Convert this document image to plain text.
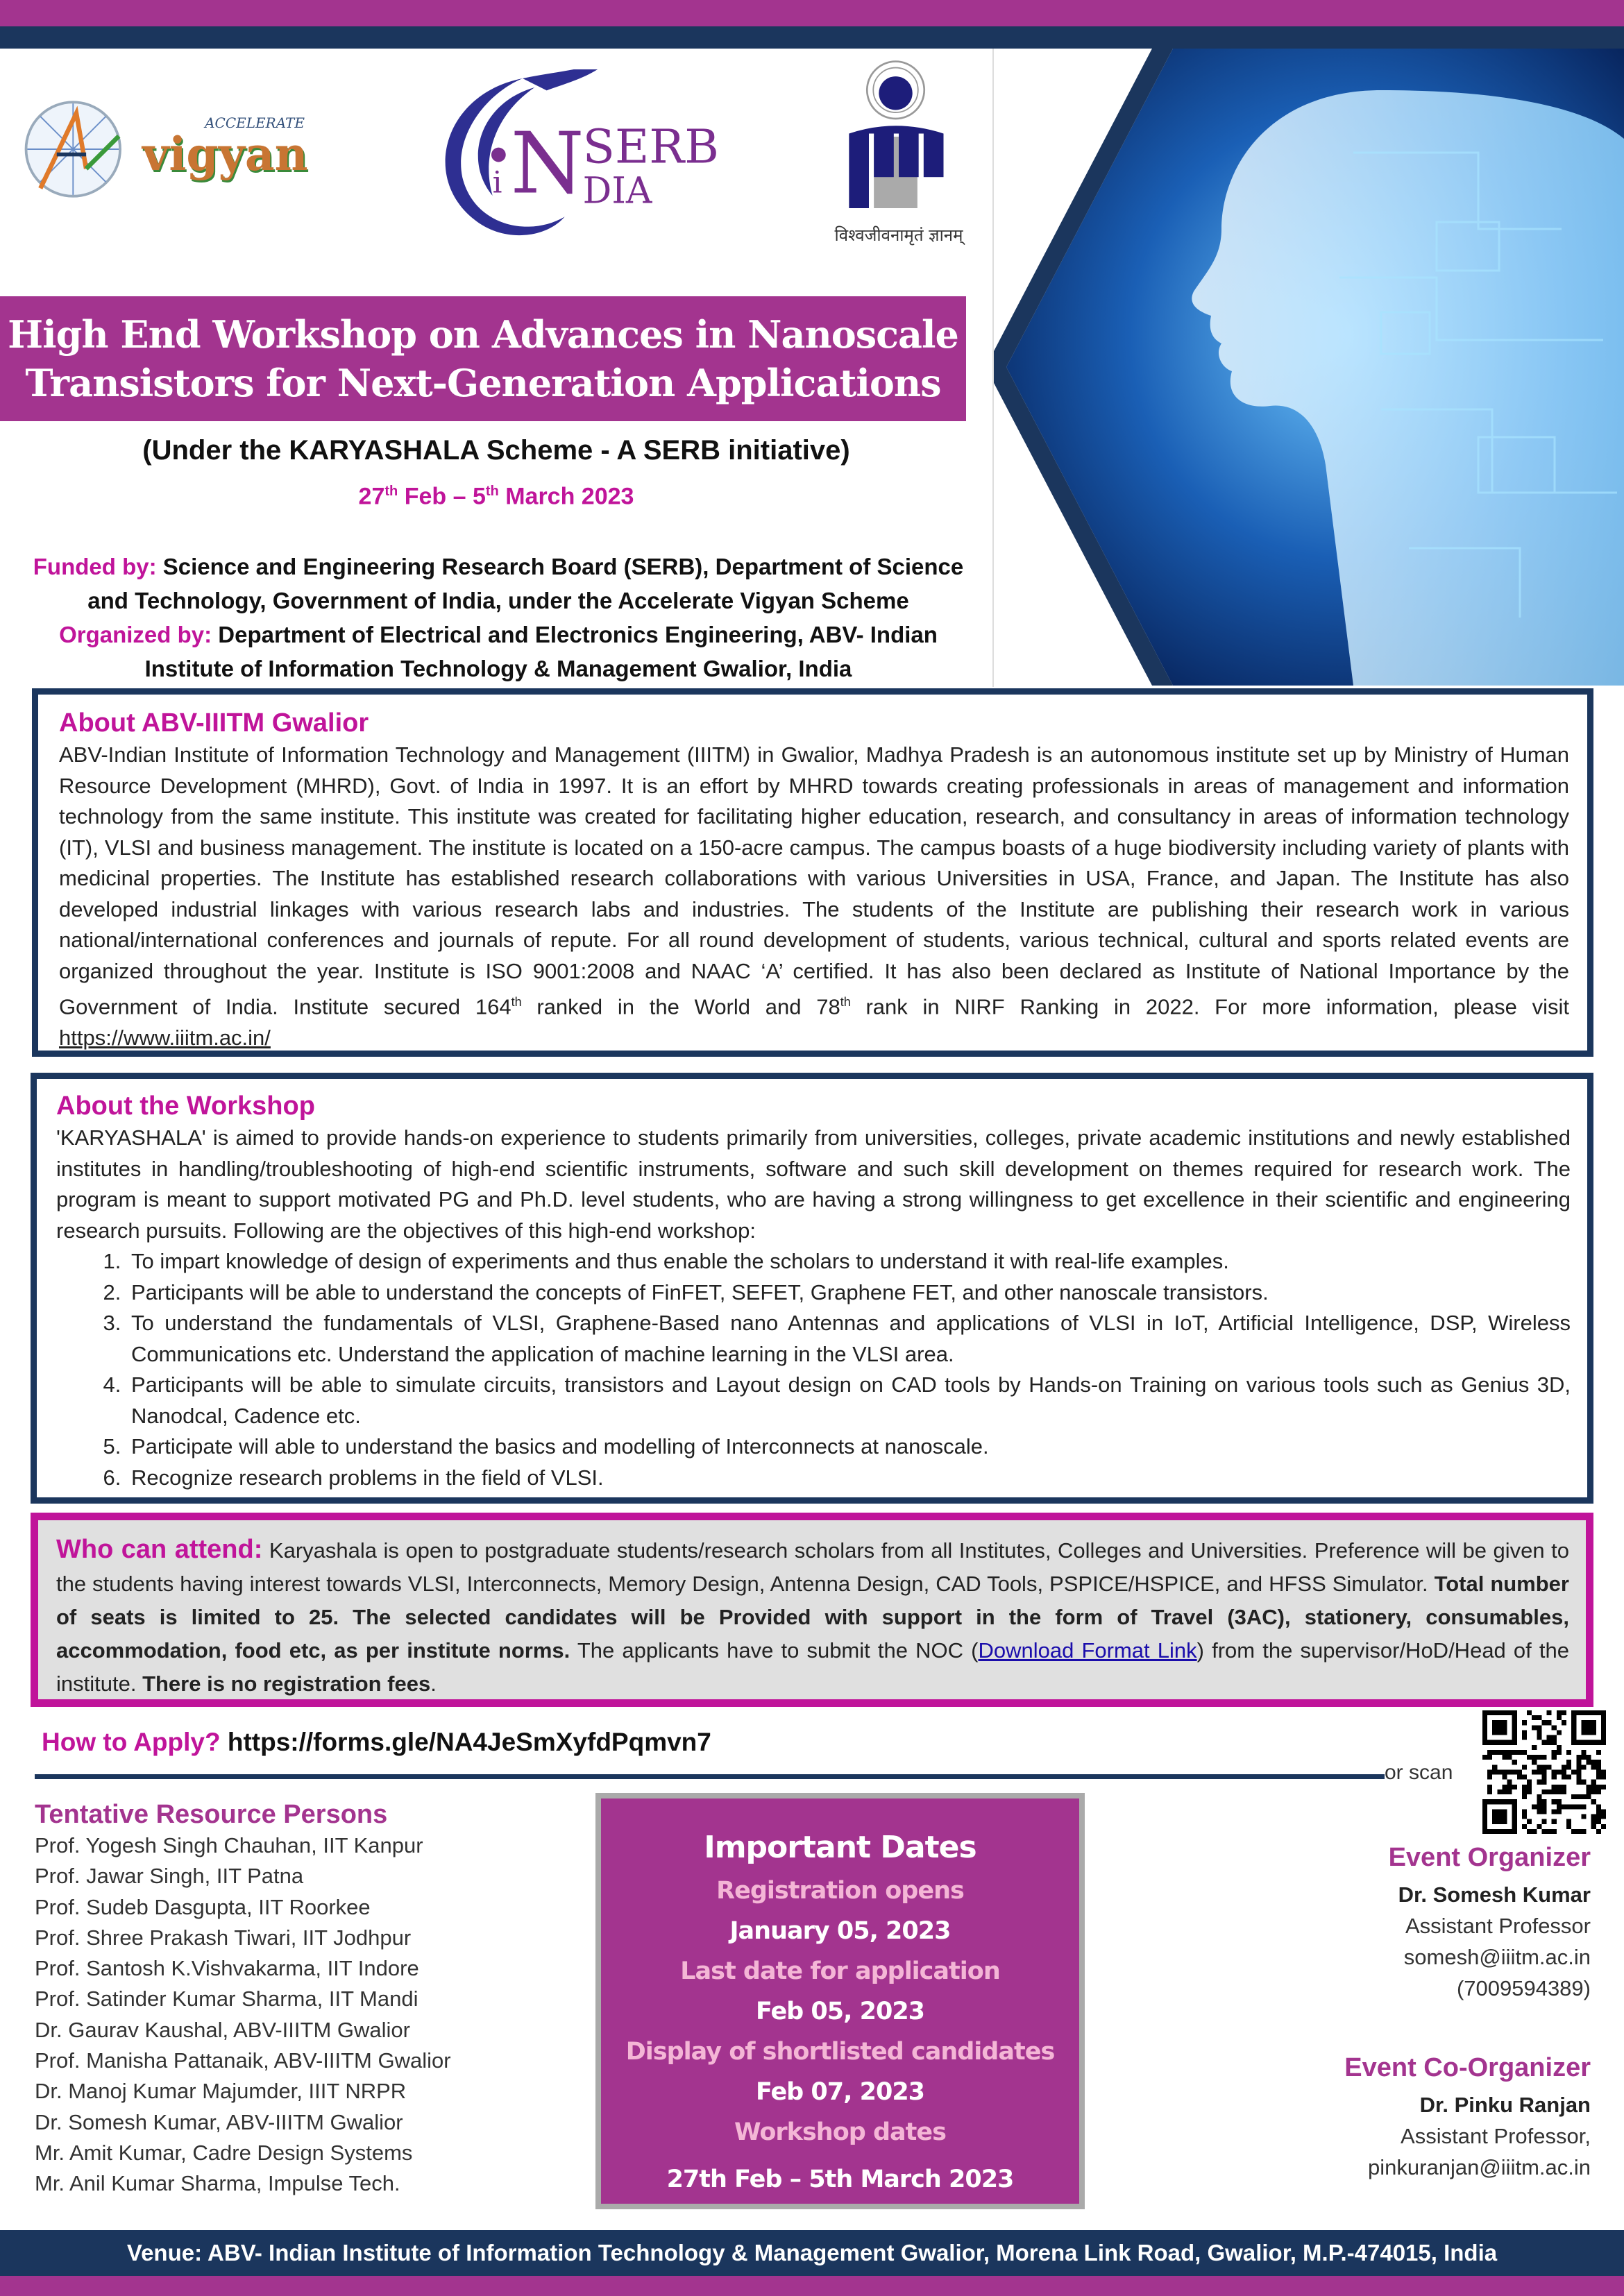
ACCELERATE
vigyan
i N
SERB
DIA
विश्वजीवनामृतं ज्ञानम्
High End Workshop on Advances in Nanoscale
Transistors for Next-Generation Applications
(Under the KARYASHALA Scheme - A SERB initiative)
27th Feb – 5th March 2023
Funded by: Science and Engineering Research Board (SERB), Department of Science and Technology, Government of India, under the Accelerate Vigyan Scheme
Organized by: Department of Electrical and Electronics Engineering, ABV- Indian Institute of Information Technology & Management Gwalior, India
About ABV-IIITM Gwalior

ABV-Indian Institute of Information Technology and Management (IIITM) in Gwalior, Madhya Pradesh is an autonomous institute set up by Ministry of Human Resource Development (MHRD), Govt. of India in 1997. It is an effort by MHRD towards creating professionals in areas of management and information technology from the same institute. This institute was created for facilitating higher education, research, and consultancy in areas of information technology (IT), VLSI and business management. The institute is located on a 150-acre campus. The campus boasts of a huge biodiversity including variety of plants with medicinal properties. The Institute has established research collaborations with various Universities in USA, France, and Japan. The Institute has also developed industrial linkages with various research labs and industries. The students of the Institute are publishing their research work in various national/international conferences and journals of repute. For all round development of students, various technical, cultural and sports related events are organized throughout the year. Institute is ISO 9001:2008 and NAAC ‘A’ certified. It has also been declared as Institute of National Importance by the Government of India. Institute secured 164th ranked in the World and 78th rank in NIRF Ranking in 2022. For more information, please visit https://www.iiitm.ac.in/

About the Workshop

'KARYASHALA' is aimed to provide hands-on experience to students primarily from universities, colleges, private academic institutions and newly established institutes in handling/troubleshooting of high-end scientific instruments, software and such skill development on themes required for research work. The program is meant to support motivated PG and Ph.D. level students, who are having a strong willingness to get excellence in their scientific and engineering research pursuits. Following are the objectives of this high-end workshop:

1. To impart knowledge of design of experiments and thus enable the scholars to understand it with real-life examples.
2. Participants will be able to understand the concepts of FinFET, SEFET, Graphene FET, and other nanoscale transistors.
3. To understand the fundamentals of VLSI, Graphene-Based nano Antennas and applications of VLSI in IoT, Artificial Intelligence, DSP, Wireless Communications etc. Understand the application of machine learning in the VLSI area.
4. Participants will be able to simulate circuits, transistors and Layout design on CAD tools by Hands-on Training on various tools such as Genius 3D, Nanodcal, Cadence etc.
5. Participate will able to understand the basics and modelling of Interconnects at nanoscale.
6. Recognize research problems in the field of VLSI.

Who can attend: Karyashala is open to postgraduate students/research scholars from all Institutes, Colleges and Universities. Preference will be given to the students having interest towards VLSI, Interconnects, Memory Design, Antenna Design, CAD Tools, PSPICE/HSPICE, and HFSS Simulator. Total number of seats is limited to 25. The selected candidates will be Provided with support in the form of Travel (3AC), stationery, consumables, accommodation, food etc, as per institute norms. The applicants have to submit the NOC (Download Format Link) from the supervisor/HoD/Head of the institute. There is no registration fees.

How to Apply? https://forms.gle/NA4JeSmXyfdPqmvn7
or scan
Tentative Resource Persons
Prof. Yogesh Singh Chauhan, IIT Kanpur
Prof. Jawar Singh, IIT Patna
Prof. Sudeb Dasgupta, IIT Roorkee
Prof. Shree Prakash Tiwari, IIT Jodhpur
Prof. Santosh K.Vishvakarma, IIT Indore
Prof. Satinder Kumar Sharma, IIT Mandi
Dr. Gaurav Kaushal, ABV-IIITM Gwalior
Prof. Manisha Pattanaik, ABV-IIITM Gwalior
Dr. Manoj Kumar Majumder, IIIT NRPR
Dr. Somesh Kumar, ABV-IIITM Gwalior
Mr. Amit Kumar, Cadre Design Systems
Mr. Anil Kumar Sharma, Impulse Tech.
Important Dates
Registration opens
January 05, 2023
Last date for application
Feb 05, 2023
Display of shortlisted candidates
Feb 07, 2023
Workshop dates
27th Feb – 5th March 2023
Event Organizer
Dr. Somesh Kumar
Assistant Professor
somesh@iiitm.ac.in
(7009594389)
Event Co-Organizer
Dr. Pinku Ranjan
Assistant Professor,
pinkuranjan@iiitm.ac.in
Venue: ABV- Indian Institute of Information Technology & Management Gwalior, Morena Link Road, Gwalior, M.P.-474015, India
